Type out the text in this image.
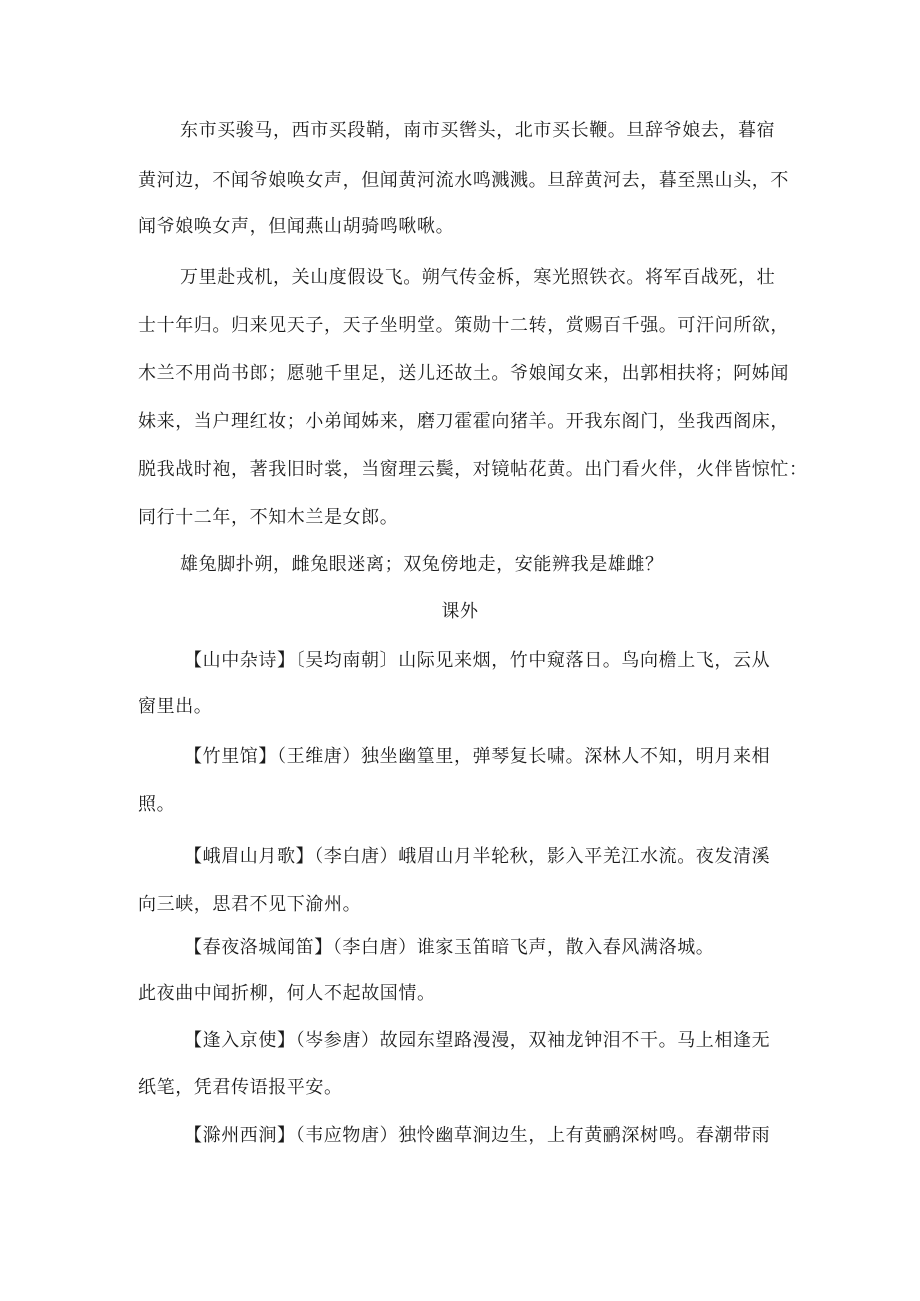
东市买骏马，西市买段鞘，南市买辔头，北市买长鞭。旦辞爷娘去，暮宿
黄河边，不闻爷娘唤女声，但闻黄河流水鸣溅溅。旦辞黄河去，暮至黑山头，不
闻爷娘唤女声，但闻燕山胡骑鸣啾啾。
万里赴戎机，关山度假设飞。朔气传金柝，寒光照铁衣。将军百战死，壮
士十年归。归来见天子，天子坐明堂。策勋十二转，赏赐百千强。可汗问所欲，
木兰不用尚书郎；愿驰千里足，送儿还故土。爷娘闻女来，出郭相扶将；阿姊闻
妹来，当户理红妆；小弟闻姊来，磨刀霍霍向猪羊。开我东阁门，坐我西阁床，
脱我战时袍，著我旧时裳，当窗理云鬓，对镜帖花黄。出门看火伴，火伴皆惊忙：
同行十二年，不知木兰是女郎。
雄兔脚扑朔，雌兔眼迷离；双兔傍地走，安能辨我是雄雌？
课外
【山中杂诗】〔吴均南朝〕山际见来烟，竹中窥落日。鸟向檐上飞，云从
窗里出。
【竹里馆】（王维唐）独坐幽篁里，弹琴复长啸。深林人不知，明月来相
照。
【峨眉山月歌】（李白唐）峨眉山月半轮秋，影入平羌江水流。夜发清溪
向三峡，思君不见下渝州。
【春夜洛城闻笛】（李白唐）谁家玉笛暗飞声，散入春风满洛城。
此夜曲中闻折柳，何人不起故国情。
【逢入京使】（岑参唐）故园东望路漫漫，双袖龙钟泪不干。马上相逢无
纸笔，凭君传语报平安。
【滁州西涧】（韦应物唐）独怜幽草涧边生，上有黄鹂深树鸣。春潮带雨
